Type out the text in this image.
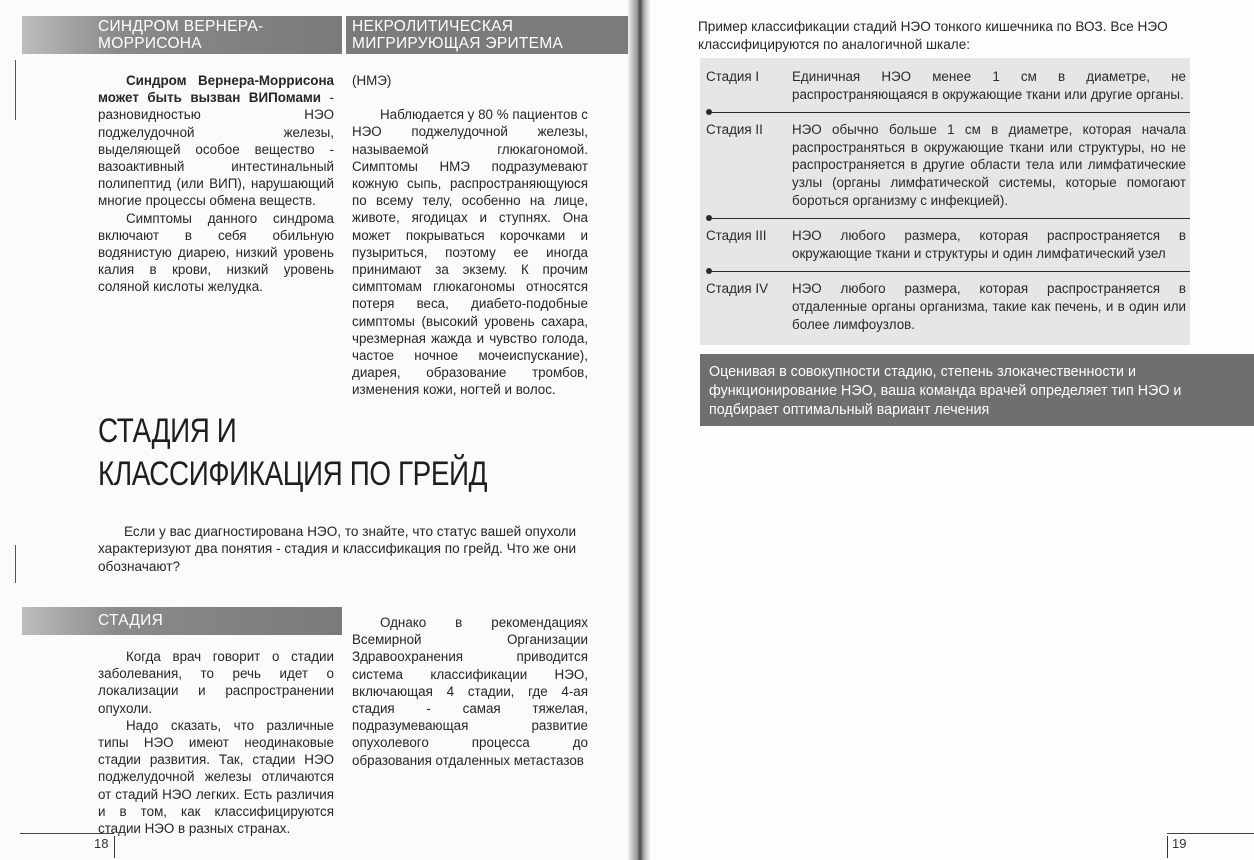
СИНДРОМ ВЕРНЕРА-
МОРРИСОНА
НЕКРОЛИТИЧЕСКАЯ
МИГРИРУЮЩАЯ ЭРИТЕМА

Синдром Вернера-Моррисона может быть вызван ВИПомами - разновидностью НЭО поджелудочной железы, выделяющей особое вещество - вазоактивный интестинальный полипептид (или ВИП), нарушающий многие процессы обмена веществ.

Симптомы данного синдрома включают в себя обильную водянистую диарею, низкий уровень калия в крови, низкий уровень соляной кислоты желудка.

(НМЭ)

Наблюдается у 80 % пациентов с НЭО поджелудочной железы, называемой глюкагономой. Симптомы НМЭ подразумевают кожную сыпь, распространяющуюся по всему телу, особенно на лице, животе, ягодицах и ступнях. Она может покрываться корочками и пузыриться, поэтому ее иногда принимают за экзему. К прочим симптомам глюкагономы относятся потеря веса, диабето-подобные симптомы (высокий уровень сахара, чрезмерная жажда и чувство голода, частое ночное мочеиспускание), диарея, образование тромбов, изменения кожи, ногтей и волос.

СТАДИЯ И
КЛАССИФИКАЦИЯ ПО ГРЕЙД
Если у вас диагностирована НЭО, то знайте, что статус вашей опухоли характеризуют два понятия - стадия и классификация по грейд. Что же они обозначают?
СТАДИЯ

Когда врач говорит о стадии заболевания, то речь идет о локализации и распространении опухоли.

Надо сказать, что различные типы НЭО имеют неодинаковые стадии развития. Так, стадии НЭО поджелудочной железы отличаются от стадий НЭО легких. Есть различия и в том, как классифицируются стадии НЭО в разных странах.

Однако в рекомендациях Всемирной Организации Здравоохранения приводится система классификации НЭО, включающая 4 стадии, где 4-ая стадия - самая тяжелая, подразумевающая развитие опухолевого процесса до образования отдаленных метастазов

18
Пример классификации стадий НЭО тонкого кишечника по ВОЗ. Все НЭО классифицируются по аналогичной шкале:
Стадия I	Единичная НЭО менее 1 см в диаметре, не распространяющаяся в окружающие ткани или другие органы.
Стадия II	НЭО обычно больше 1 см в диаметре, которая начала распространяться в окружающие ткани или структуры, но не распространяется в другие области тела или лимфатические узлы (органы лимфатической системы, которые помогают бороться организму с инфекцией).
Стадия III	НЭО любого размера, которая распространяется в окружающие ткани и структуры и один лимфатический узел
Стадия IV	НЭО любого размера, которая распространяется в отдаленные органы организма, такие как печень, и в один или более лимфоузлов.
Оценивая в совокупности стадию, степень злокачественности и функционирование НЭО, ваша команда врачей определяет тип НЭО и подбирает оптимальный вариант лечения
19
